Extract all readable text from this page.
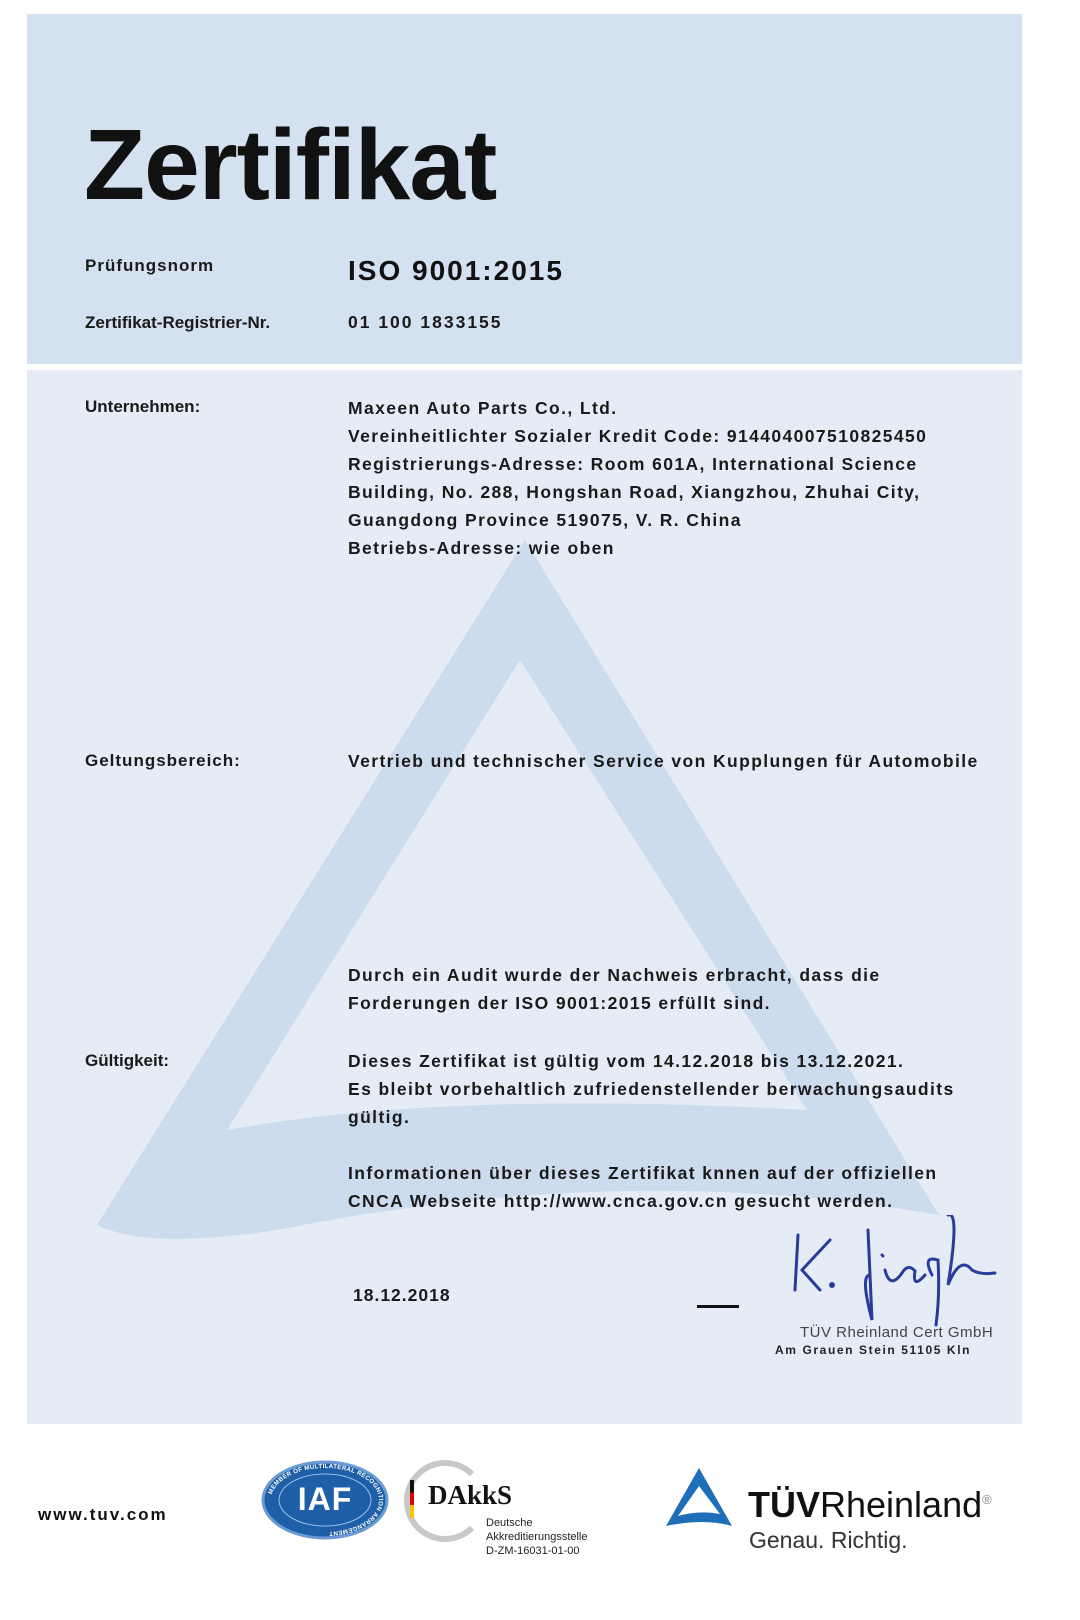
Zertifikat
Prüfungsnorm	ISO 9001:2015
Zertifikat-Registrier-Nr.	01 100 1833155
Unternehmen:	Maxeen Auto Parts Co., Ltd.
Vereinheitlichter Sozialer Kredit Code: 914404007510825450
Registrierungs-Adresse: Room 601A, International Science
Building, No. 288, Hongshan Road, Xiangzhou, Zhuhai City,
Guangdong Province 519075, V. R. China
Betriebs-Adresse: wie oben
Geltungsbereich:	Vertrieb und technischer Service von Kupplungen für Automobile
Durch ein Audit wurde der Nachweis erbracht, dass die
Forderungen der ISO 9001:2015 erfüllt sind.
Gültigkeit:	Dieses Zertifikat ist gültig vom 14.12.2018 bis 13.12.2021.
Es bleibt vorbehaltlich zufriedenstellender berwachungsaudits
gültig.
Informationen über dieses Zertifikat knnen auf der offiziellen
CNCA Webseite http://www.cnca.gov.cn gesucht werden.
18.12.2018
TÜV Rheinland Cert GmbH
Am Grauen Stein 51105 Kln
www.tuv.com
MEMBER OF MULTILATERAL RECOGNITION ARRANGEMENT
IAF	DAkkS
Deutsche
Akkreditierungsstelle
D-ZM-16031-01-00
TÜVRheinland®
Genau. Richtig.
